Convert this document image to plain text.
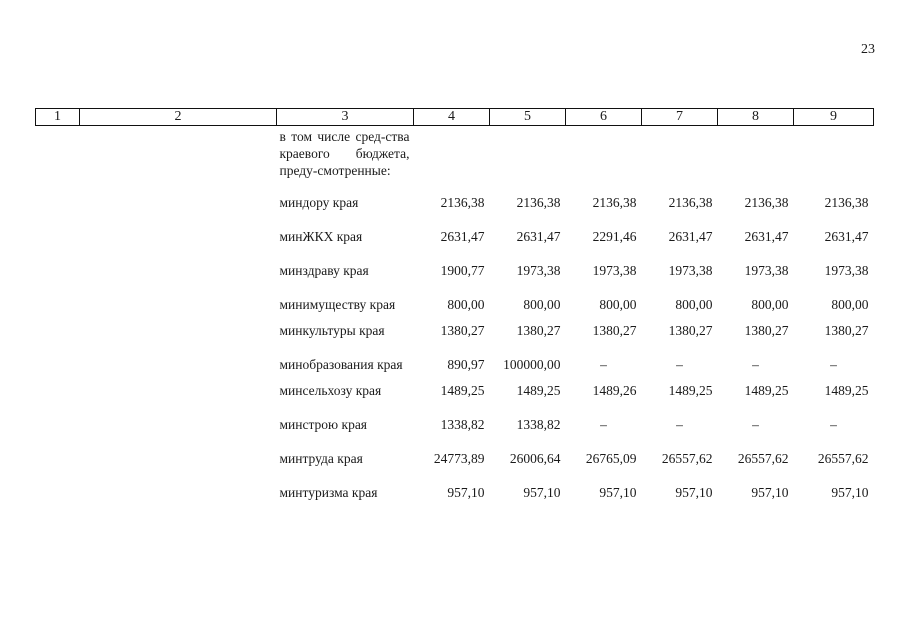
23
1	2	3	4	5	6	7	8	9
		в том числе сред-ства краевого бюджета, преду-смотренные:						
		миндору края	2136,38	2136,38	2136,38	2136,38	2136,38	2136,38
		минЖКХ края	2631,47	2631,47	2291,46	2631,47	2631,47	2631,47
		минздраву края	1900,77	1973,38	1973,38	1973,38	1973,38	1973,38
		минимуществу края	800,00	800,00	800,00	800,00	800,00	800,00
		минкультуры края	1380,27	1380,27	1380,27	1380,27	1380,27	1380,27
		минобразования края	890,97	100000,00	–	–	–	–
		минсельхозу края	1489,25	1489,25	1489,26	1489,25	1489,25	1489,25
		минстрою края	1338,82	1338,82	–	–	–	–
		минтруда края	24773,89	26006,64	26765,09	26557,62	26557,62	26557,62
		минтуризма края	957,10	957,10	957,10	957,10	957,10	957,10
